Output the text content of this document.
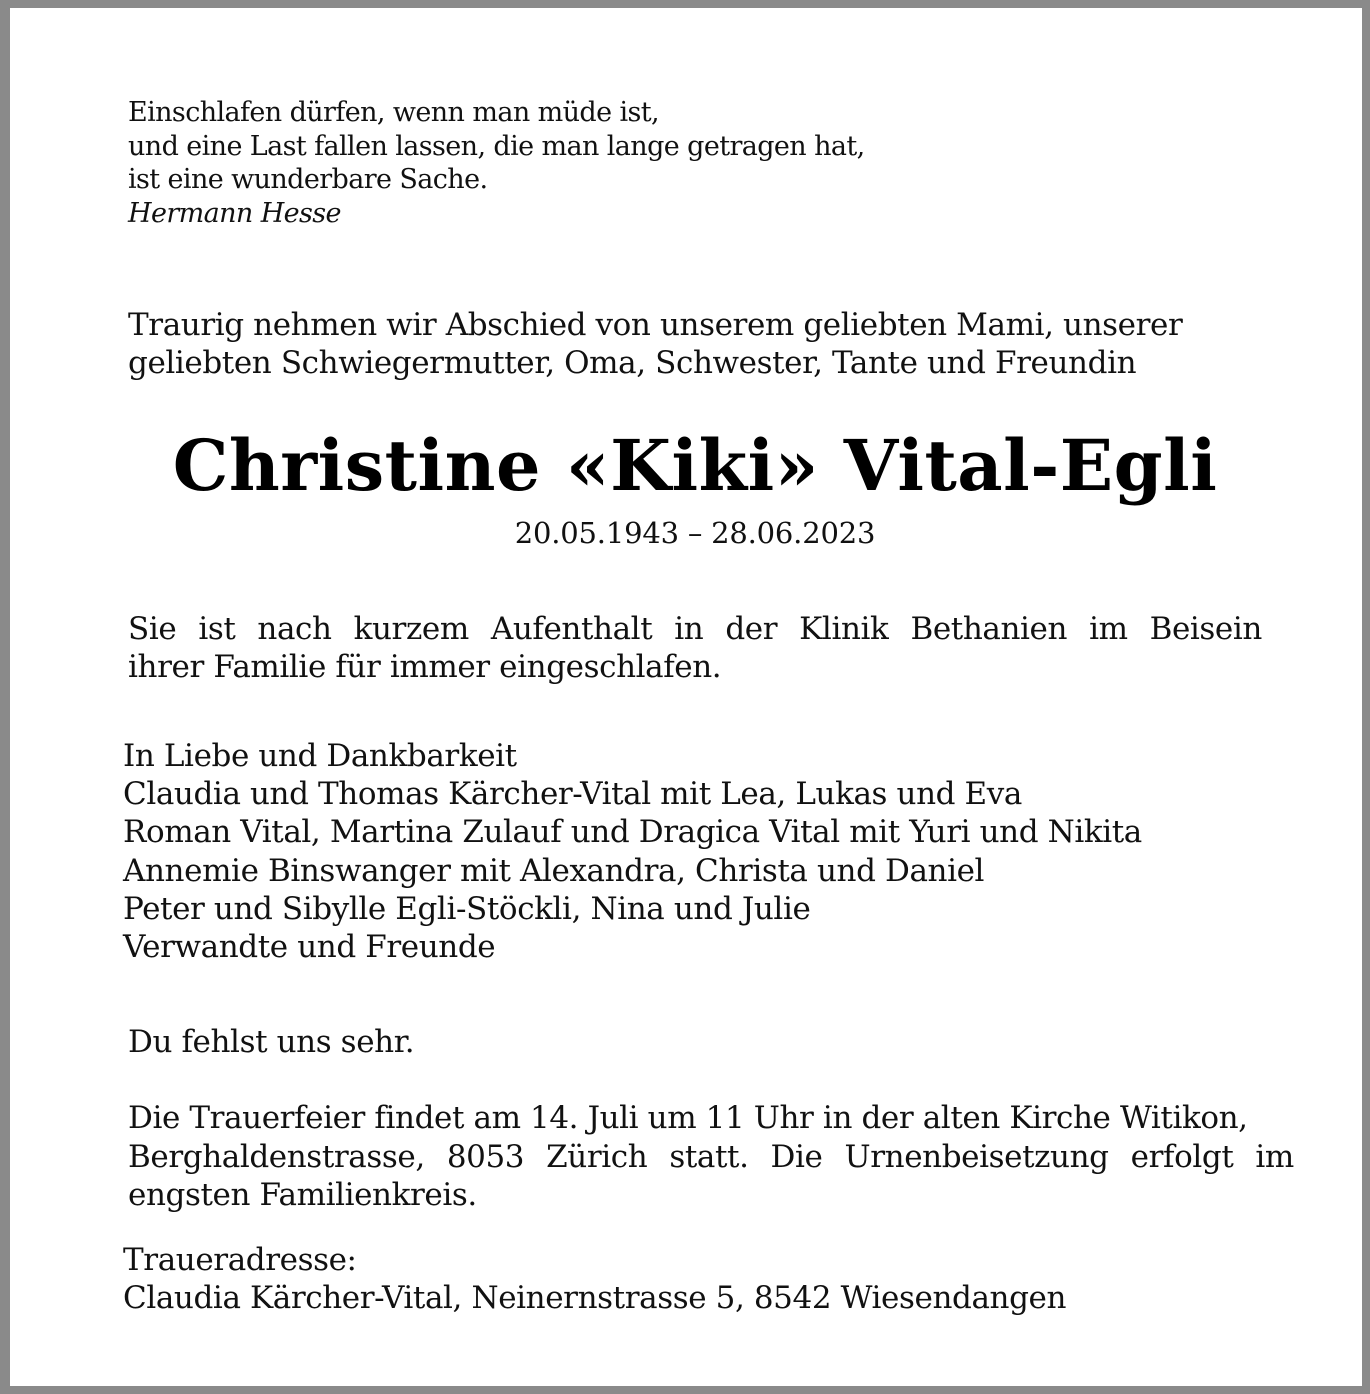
Einschlafen dürfen, wenn man müde ist,
und eine Last fallen lassen, die man lange getragen hat,
ist eine wunderbare Sache.
Hermann Hesse
Traurig nehmen wir Abschied von unserem geliebten Mami, unserer
geliebten Schwiegermutter, Oma, Schwester, Tante und Freundin
Christine «Kiki» Vital-Egli
20.05.1943 – 28.06.2023
Sie ist nach kurzem Aufenthalt in der Klinik Bethanien im Beisein
ihrer Familie für immer eingeschlafen.
In Liebe und Dankbarkeit
Claudia und Thomas Kärcher-Vital mit Lea, Lukas und Eva
Roman Vital, Martina Zulauf und Dragica Vital mit Yuri und Nikita
Annemie Binswanger mit Alexandra, Christa und Daniel
Peter und Sibylle Egli-Stöckli, Nina und Julie
Verwandte und Freunde
Du fehlst uns sehr.
Die Trauerfeier findet am 14. Juli um 11 Uhr in der alten Kirche Witikon,
Berghaldenstrasse, 8053 Zürich statt. Die Urnenbeisetzung erfolgt im
engsten Familienkreis.
Traueradresse:
Claudia Kärcher-Vital, Neinernstrasse 5, 8542 Wiesendangen
